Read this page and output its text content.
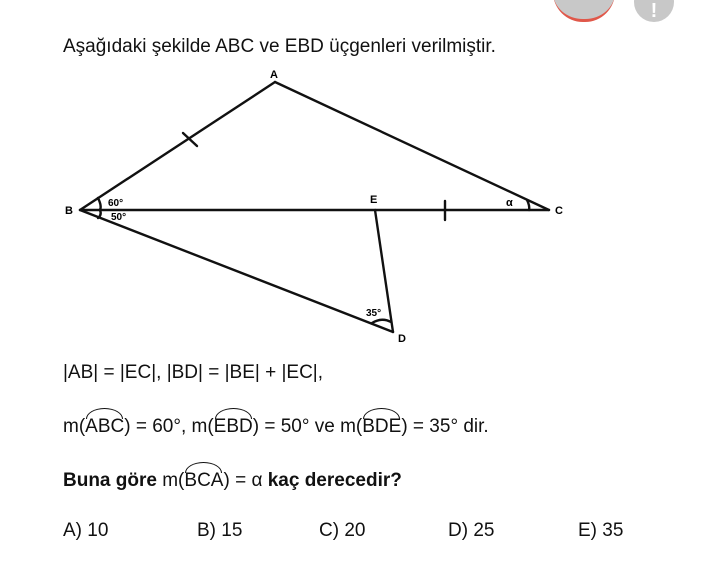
!
Aşağıdaki şekilde ABC ve EBD üçgenleri verilmiştir.
A
B	C
D
E
60°
50°
α
35°
|AB| = |EC|, |BD| = |BE| + |EC|,
m(ABC) = 60°, m(EBD) = 50° ve m(BDE) = 35° dir.
Buna göre m(BCA) = α kaç derecedir?
A) 10	B) 15	C) 20	D) 25	E) 35
